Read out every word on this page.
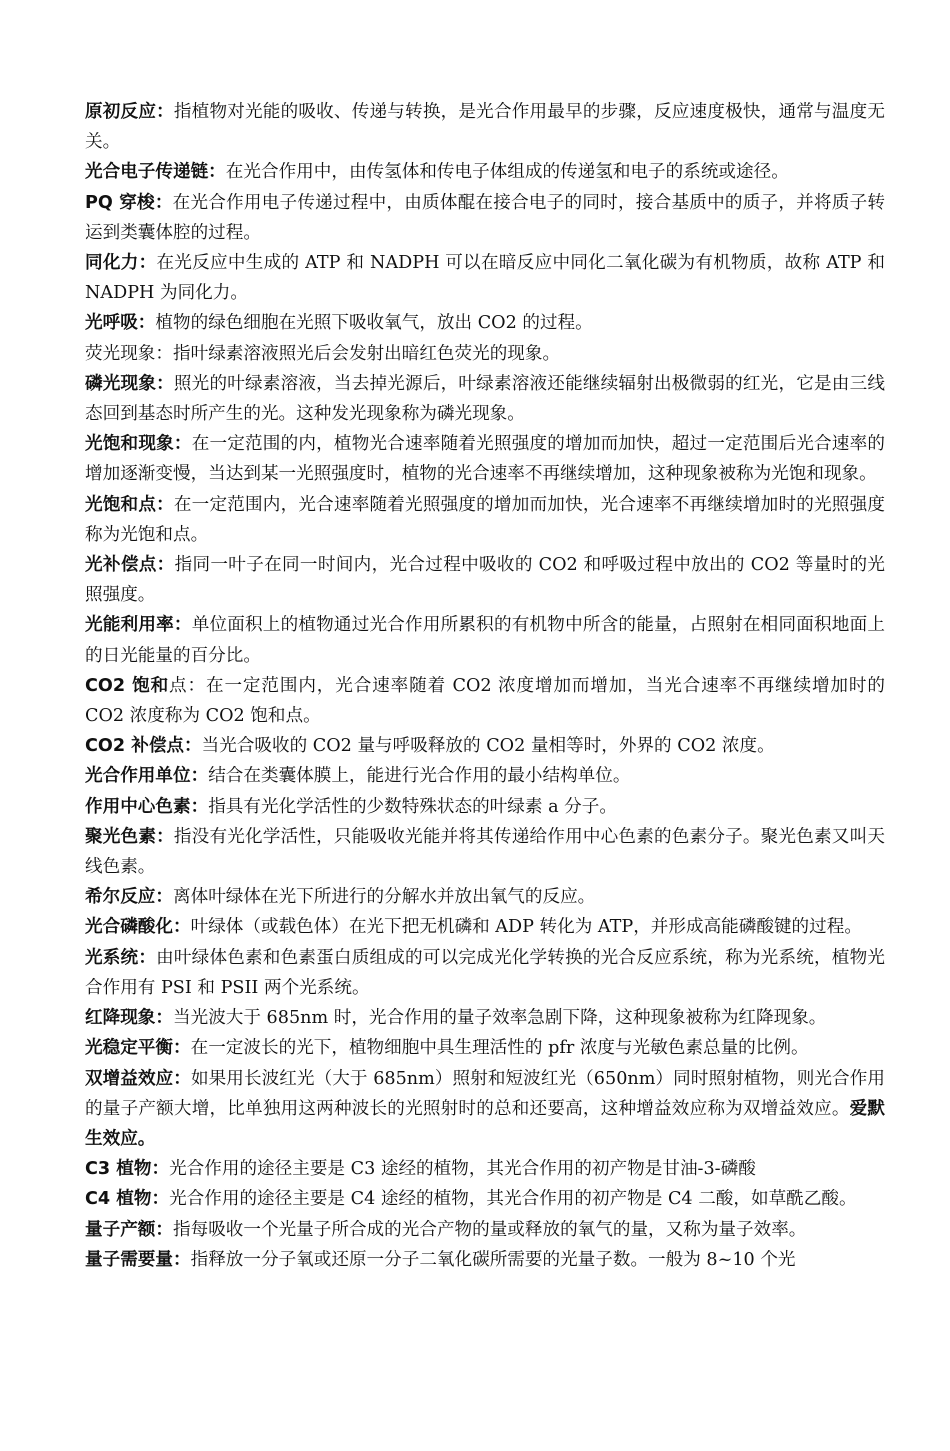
原初反应：指植物对光能的吸收、传递与转换，是光合作用最早的步骤，反应速度极快，通常与温度无关。

光合电子传递链：在光合作用中，由传氢体和传电子体组成的传递氢和电子的系统或途径。

PQ 穿梭：在光合作用电子传递过程中，由质体醌在接合电子的同时，接合基质中的质子，并将质子转运到类囊体腔的过程。

同化力：在光反应中生成的 ATP 和 NADPH 可以在暗反应中同化二氧化碳为有机物质，故称 ATP 和 NADPH 为同化力。

光呼吸：植物的绿色细胞在光照下吸收氧气，放出 CO2 的过程。

荧光现象：指叶绿素溶液照光后会发射出暗红色荧光的现象。

磷光现象：照光的叶绿素溶液，当去掉光源后，叶绿素溶液还能继续辐射出极微弱的红光，它是由三线态回到基态时所产生的光。这种发光现象称为磷光现象。

光饱和现象：在一定范围的内，植物光合速率随着光照强度的增加而加快，超过一定范围后光合速率的增加逐渐变慢，当达到某一光照强度时，植物的光合速率不再继续增加，这种现象被称为光饱和现象。

光饱和点：在一定范围内，光合速率随着光照强度的增加而加快，光合速率不再继续增加时的光照强度称为光饱和点。

光补偿点：指同一叶子在同一时间内，光合过程中吸收的 CO2 和呼吸过程中放出的 CO2 等量时的光照强度。

光能利用率：单位面积上的植物通过光合作用所累积的有机物中所含的能量，占照射在相同面积地面上的日光能量的百分比。

CO2 饱和点：在一定范围内，光合速率随着 CO2 浓度增加而增加，当光合速率不再继续增加时的 CO2 浓度称为 CO2 饱和点。

CO2 补偿点：当光合吸收的 CO2 量与呼吸释放的 CO2 量相等时，外界的 CO2 浓度。

光合作用单位：结合在类囊体膜上，能进行光合作用的最小结构单位。

作用中心色素：指具有光化学活性的少数特殊状态的叶绿素 a 分子。

聚光色素：指没有光化学活性，只能吸收光能并将其传递给作用中心色素的色素分子。聚光色素又叫天线色素。

希尔反应：离体叶绿体在光下所进行的分解水并放出氧气的反应。

光合磷酸化：叶绿体（或载色体）在光下把无机磷和 ADP 转化为 ATP，并形成高能磷酸键的过程。

光系统：由叶绿体色素和色素蛋白质组成的可以完成光化学转换的光合反应系统，称为光系统，植物光合作用有 PSI 和 PSII 两个光系统。

红降现象：当光波大于 685nm 时，光合作用的量子效率急剧下降，这种现象被称为红降现象。

光稳定平衡：在一定波长的光下，植物细胞中具生理活性的 pfr 浓度与光敏色素总量的比例。

双增益效应：如果用长波红光（大于 685nm）照射和短波红光（650nm）同时照射植物，则光合作用的量子产额大增，比单独用这两种波长的光照射时的总和还要高，这种增益效应称为双增益效应。爱默生效应。

C3 植物：光合作用的途径主要是 C3 途经的植物，其光合作用的初产物是甘油-3-磷酸

C4 植物：光合作用的途径主要是 C4 途经的植物，其光合作用的初产物是 C4 二酸，如草酰乙酸。

量子产额：指每吸收一个光量子所合成的光合产物的量或释放的氧气的量，又称为量子效率。

量子需要量：指释放一分子氧或还原一分子二氧化碳所需要的光量子数。一般为 8~10 个光
